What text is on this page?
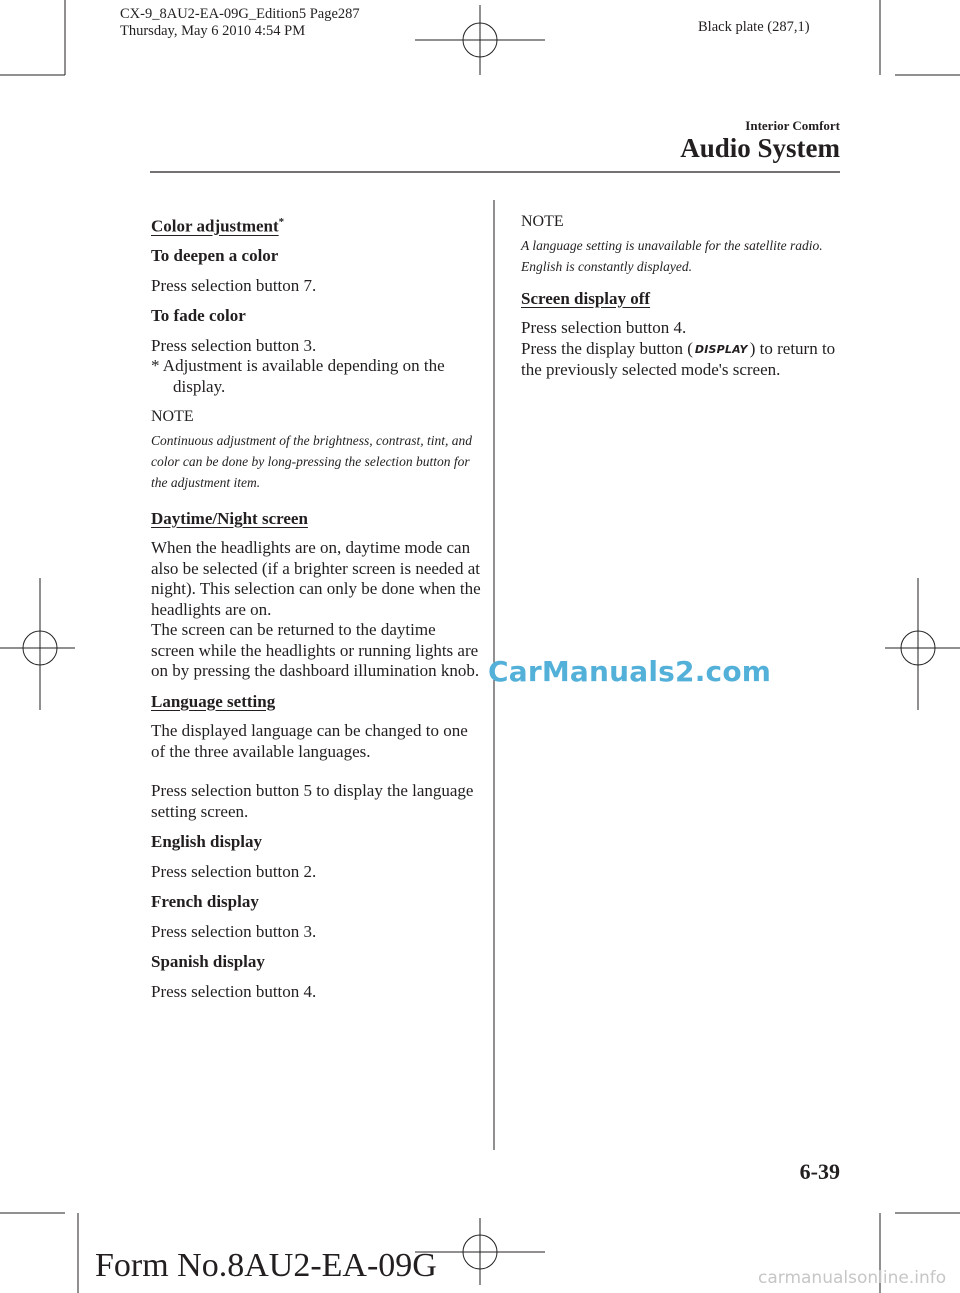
CX-9_8AU2-EA-09G_Edition5 Page287
Thursday, May 6 2010 4:54 PM	Black plate (287,1)
Interior Comfort
Audio System

Color adjustment*

To deepen a color

Press selection button 7.

To fade color

Press selection button 3.

* Adjustment is available depending on the display.

NOTE

Continuous adjustment of the brightness, contrast, tint, and color can be done by long-pressing the selection button for the adjustment item.

Daytime/Night screen

When the headlights are on, daytime mode can also be selected (if a brighter screen is needed at night). This selection can only be done when the headlights are on.

The screen can be returned to the daytime screen while the headlights or running lights are on by pressing the dashboard illumination knob.

Language setting

The displayed language can be changed to one of the three available languages.

Press selection button 5 to display the language setting screen.

English display

Press selection button 2.

French display

Press selection button 3.

Spanish display

Press selection button 4.

NOTE

A language setting is unavailable for the satellite radio. English is constantly displayed.

Screen display off

Press selection button 4.

Press the display button ( DISPLAY ) to return to the previously selected mode's screen.

CarManuals2.com
6-39
Form No.8AU2-EA-09G	carmanualsonline.info
